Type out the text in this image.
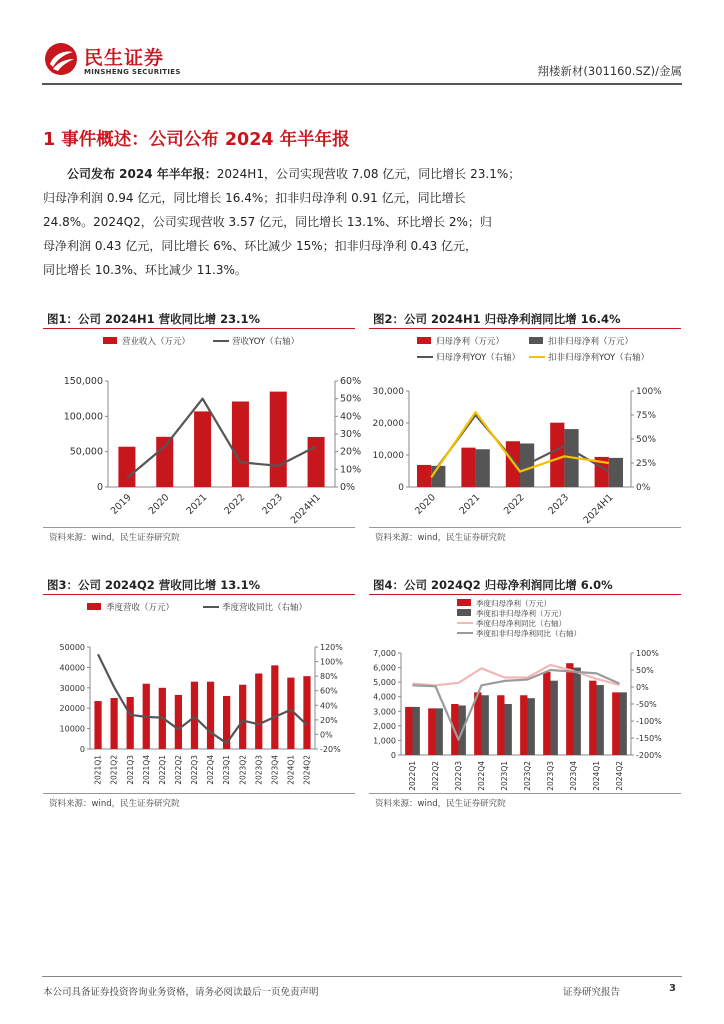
民生证券
MINSHENG SECURITIES	翔楼新材(301160.SZ)/金属
1 事件概述：公司公布 2024 年半年报

公司发布 2024 年半年报：2024H1，公司实现营收 7.08 亿元，同比增长 23.1%；

归母净利润 0.94 亿元，同比增长 16.4%；扣非归母净利 0.91 亿元，同比增长

24.8%。2024Q2，公司实现营收 3.57 亿元，同比增长 13.1%、环比增长 2%；归

母净利润 0.43 亿元，同比增长 6%、环比减少 15%；扣非归母净利 0.43 亿元，

同比增长 10.3%、环比减少 11.3%。

图1：公司 2024H1 营收同比增 23.1%
营业收入（万元）	营收YOY（右轴）
0
50,000
100,000
150,000
0%
10%
20%
30%
40%
50%
60%
2019 2020 2021 2022 2023 2024H1
资料来源：wind，民生证券研究院
图2：公司 2024H1 归母净利润同比增 16.4%
归母净利（万元）	扣非归母净利（万元）
归母净利YOY（右轴）	扣非归母净利YOY（右轴）
0
10,000
20,000
30,000
0%
25%
50%
75%
100%
2020 2021 2022 2023 2024H1
资料来源：wind，民生证券研究院
图3：公司 2024Q2 营收同比增 13.1%
季度营收（万元）	季度营收同比（右轴）
0
10000
20000
30000
40000
50000
-20%
0%
20%
40%
60%
80%
100%
120%
2021Q1 2021Q2 2021Q3 2021Q4 2022Q1 2022Q2 2022Q3 2022Q4 2023Q1 2023Q2 2023Q3 2023Q4 2024Q1 2024Q2
资料来源：wind，民生证券研究院
图4：公司 2024Q2 归母净利润同比增 6.0%
季度归母净利（万元）
季度扣非归母净利（万元）
季度归母净利同比（右轴）
季度扣非归母净利同比（右轴）
0
1,000
2,000
3,000
4,000
5,000
6,000
7,000
-200%
-150%
-100%
-50%
0%
50%
100%
2022Q1 2022Q2 2022Q3 2022Q4 2023Q1 2023Q2 2023Q3 2023Q4 2024Q1 2024Q2
资料来源：wind，民生证券研究院
本公司具备证券投资咨询业务资格，请务必阅读最后一页免责声明	证券研究报告	3
